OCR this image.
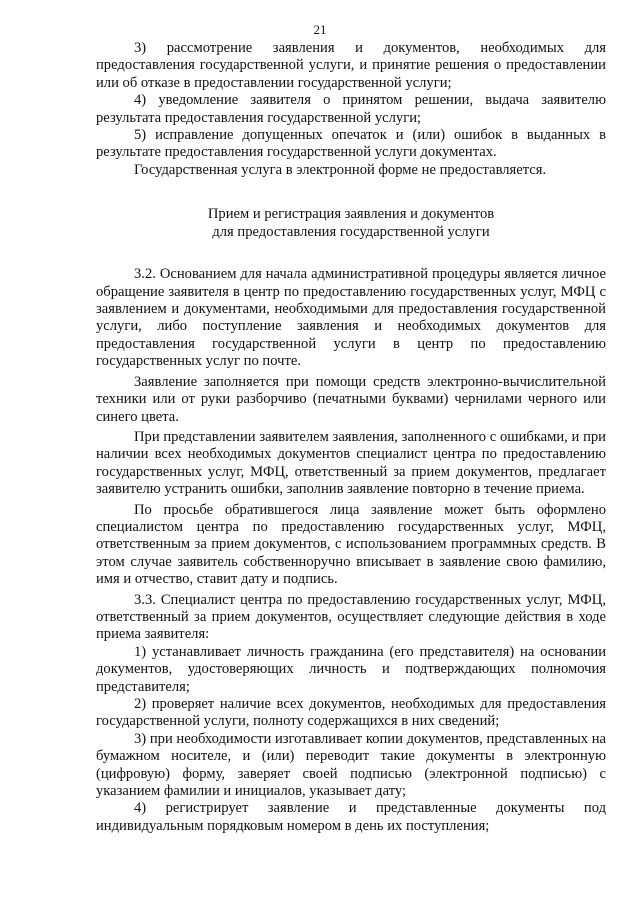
21

3) рассмотрение заявления и документов, необходимых для предоставления государственной услуги, и принятие решения о предоставлении или об отказе в предоставлении государственной услуги;

4) уведомление заявителя о принятом решении, выдача заявителю результата предоставления государственной услуги;

5) исправление допущенных опечаток и (или) ошибок в выданных в результате предоставления государственной услуги документах.

Государственная услуга в электронной форме не предоставляется.

Прием и регистрация заявления и документов
для предоставления государственной услуги

3.2. Основанием для начала административной процедуры является личное обращение заявителя в центр по предоставлению государственных услуг, МФЦ с заявлением и документами, необходимыми для предоставления государственной услуги, либо поступление заявления и необходимых документов для предоставления государственной услуги в центр по предоставлению государственных услуг по почте.

Заявление заполняется при помощи средств электронно-вычислительной техники или от руки разборчиво (печатными буквами) чернилами черного или синего цвета.

При представлении заявителем заявления, заполненного с ошибками, и при наличии всех необходимых документов специалист центра по предоставлению государственных услуг, МФЦ, ответственный за прием документов, предлагает заявителю устранить ошибки, заполнив заявление повторно в течение приема.

По просьбе обратившегося лица заявление может быть оформлено специалистом центра по предоставлению государственных услуг, МФЦ, ответственным за прием документов, с использованием программных средств. В этом случае заявитель собственноручно вписывает в заявление свою фамилию, имя и отчество, ставит дату и подпись.

3.3. Специалист центра по предоставлению государственных услуг, МФЦ, ответственный за прием документов, осуществляет следующие действия в ходе приема заявителя:

1) устанавливает личность гражданина (его представителя) на основании документов, удостоверяющих личность и подтверждающих полномочия представителя;

2) проверяет наличие всех документов, необходимых для предоставления государственной услуги, полноту содержащихся в них сведений;

3) при необходимости изготавливает копии документов, представленных на бумажном носителе, и (или) переводит такие документы в электронную (цифровую) форму, заверяет своей подписью (электронной подписью) с указанием фамилии и инициалов, указывает дату;

4) регистрирует заявление и представленные документы под индивидуальным порядковым номером в день их поступления;
